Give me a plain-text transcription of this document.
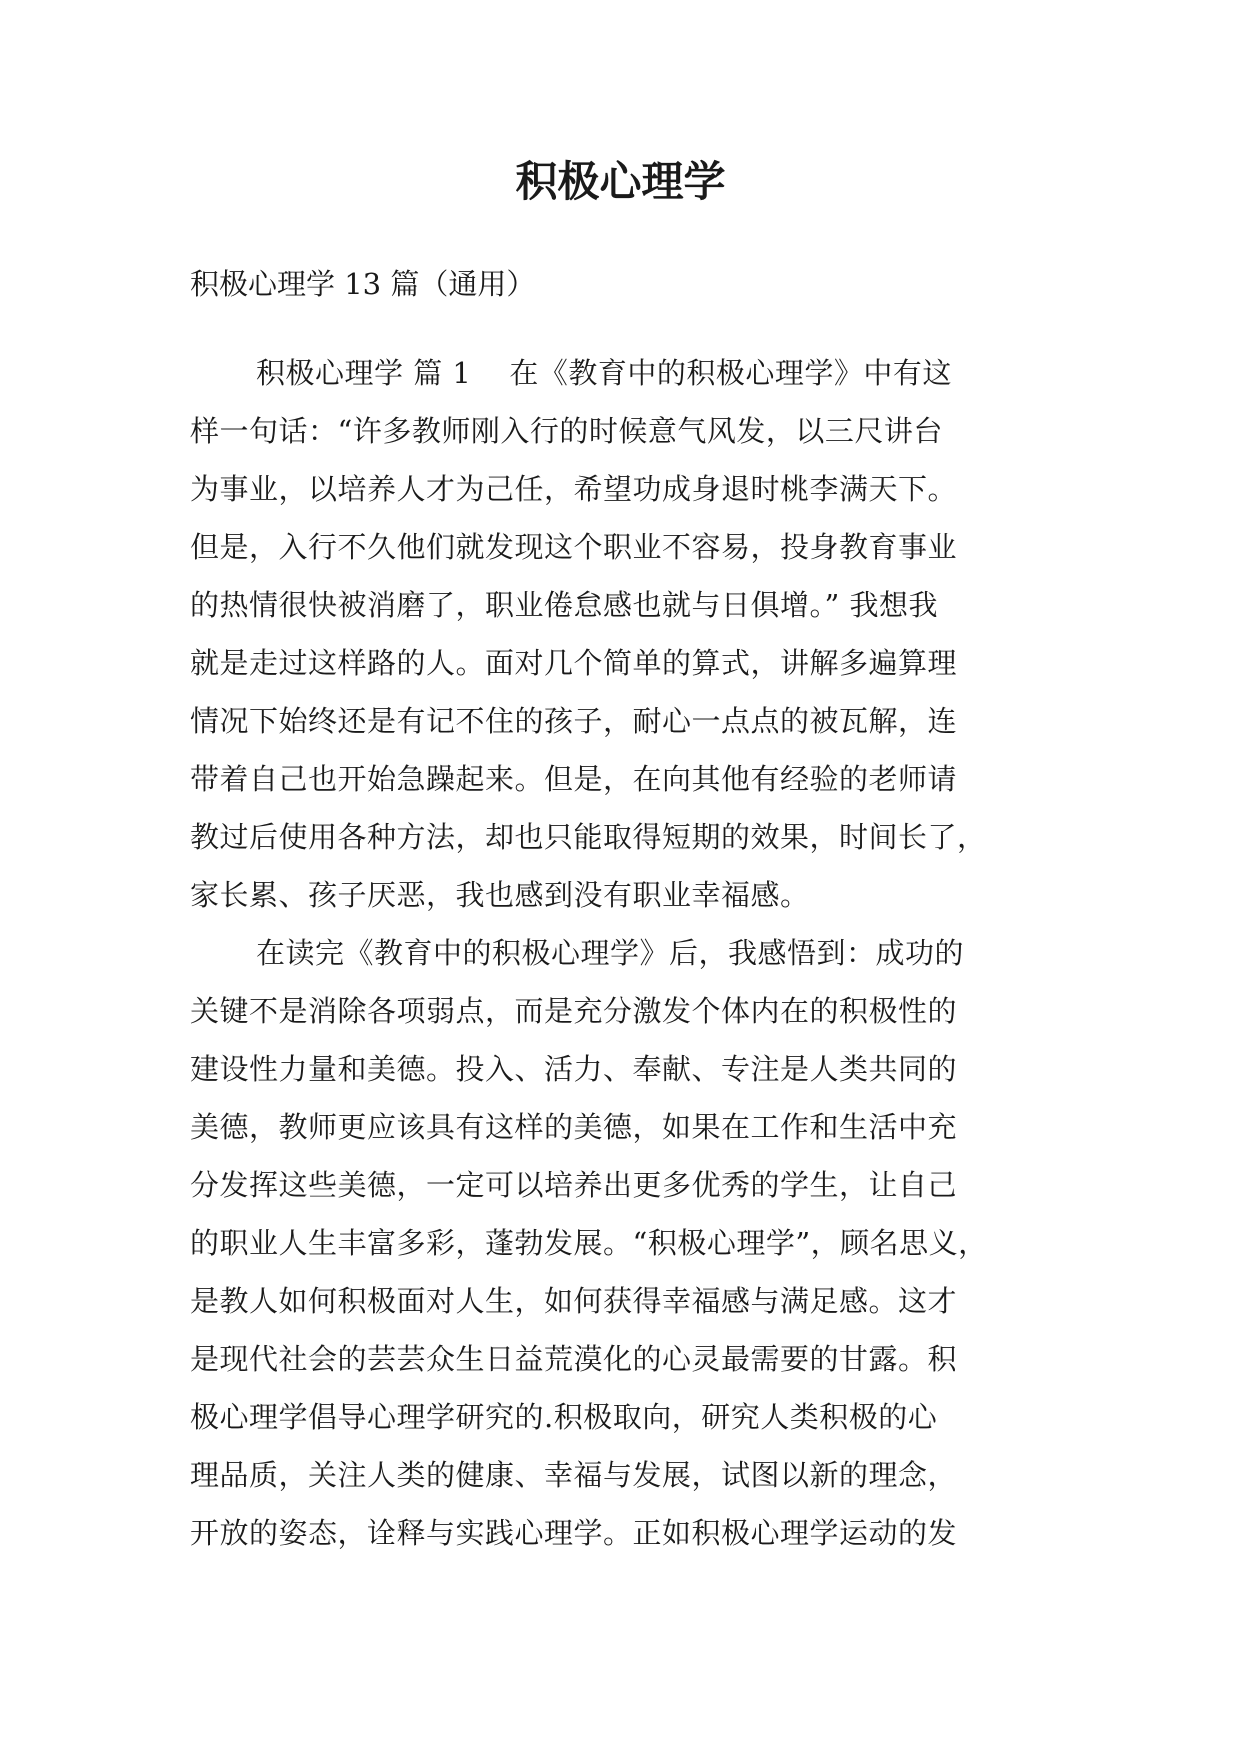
积极心理学

积极心理学 13 篇（通用）

积极心理学 篇 1 在《教育中的积极心理学》中有这
样一句话：“许多教师刚入行的时候意气风发，以三尺讲台
为事业，以培养人才为己任，希望功成身退时桃李满天下。
但是，入行不久他们就发现这个职业不容易，投身教育事业
的热情很快被消磨了，职业倦怠感也就与日俱增。” 我想我
就是走过这样路的人。面对几个简单的算式，讲解多遍算理
情况下始终还是有记不住的孩子，耐心一点点的被瓦解，连
带着自己也开始急躁起来。但是，在向其他有经验的老师请
教过后使用各种方法，却也只能取得短期的效果，时间长了，
家长累、孩子厌恶，我也感到没有职业幸福感。
在读完《教育中的积极心理学》后，我感悟到：成功的
关键不是消除各项弱点，而是充分激发个体内在的积极性的
建设性力量和美德。投入、活力、奉献、专注是人类共同的
美德，教师更应该具有这样的美德，如果在工作和生活中充
分发挥这些美德，一定可以培养出更多优秀的学生，让自己
的职业人生丰富多彩，蓬勃发展。“积极心理学”，顾名思义，
是教人如何积极面对人生，如何获得幸福感与满足感。这才
是现代社会的芸芸众生日益荒漠化的心灵最需要的甘露。积
极心理学倡导心理学研究的.积极取向，研究人类积极的心
理品质，关注人类的健康、幸福与发展，试图以新的理念，
开放的姿态，诠释与实践心理学。正如积极心理学运动的发
